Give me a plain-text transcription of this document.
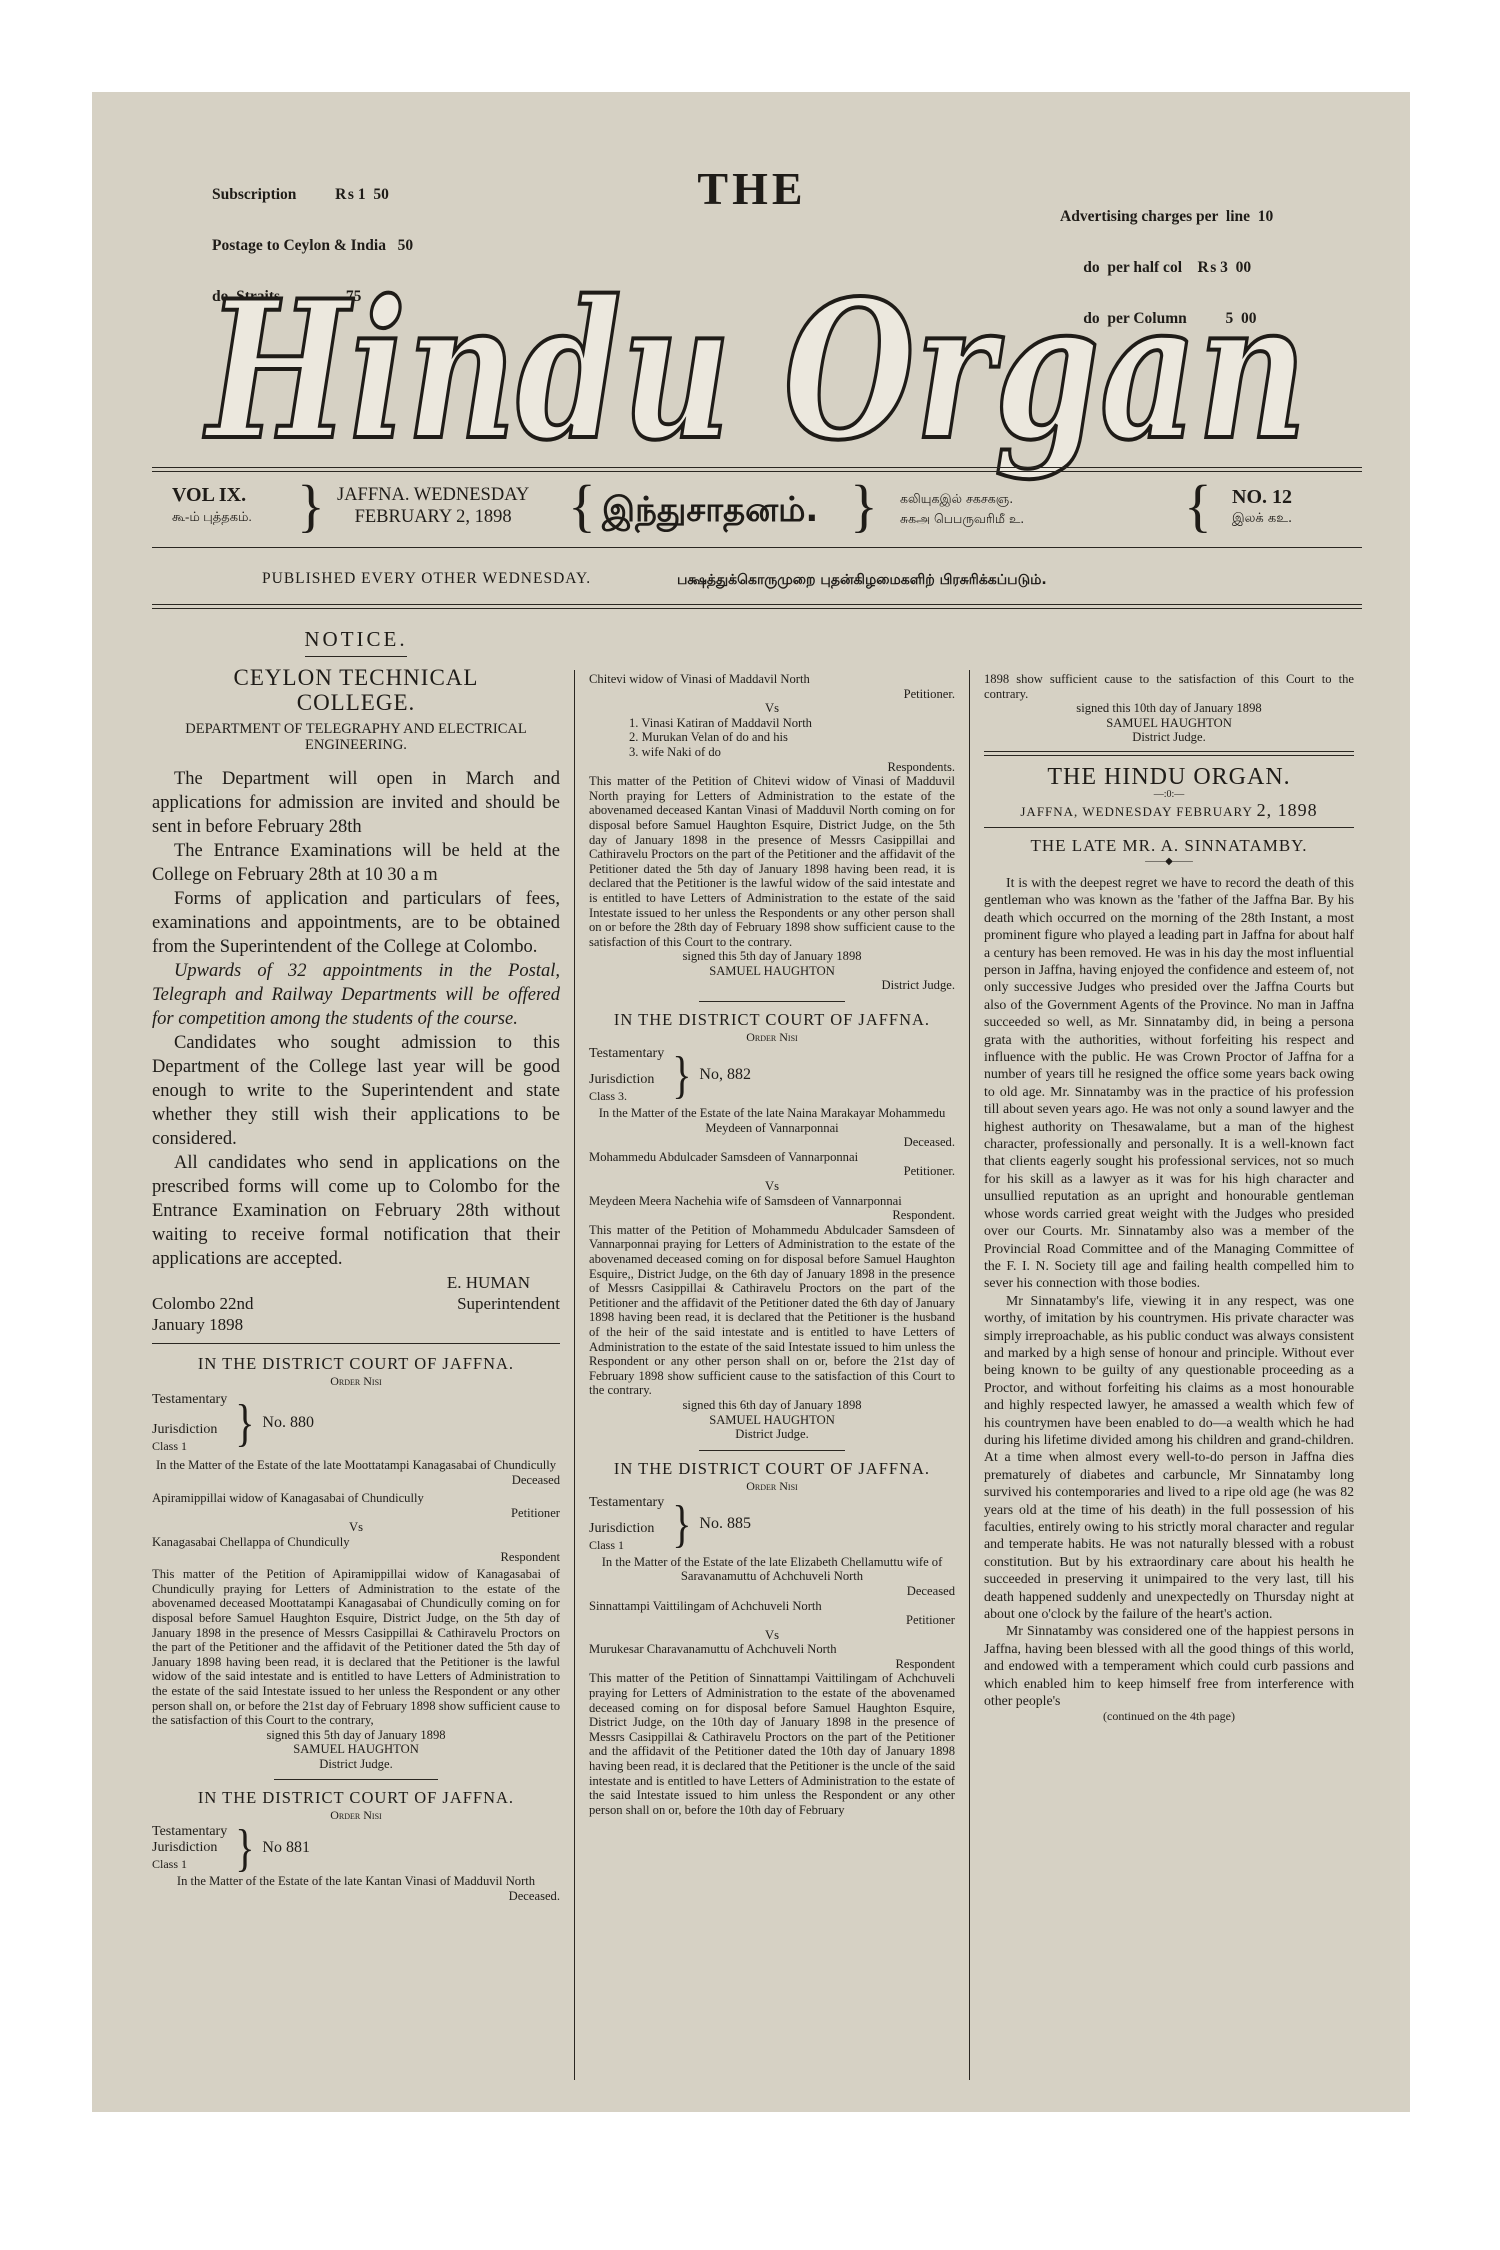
Subscription          ₨ 1  50

Postage to Ceylon & India   50

do  Straits                 75

THE

Advertising charges per  line  10

do  per half col    ₨ 3  00

do  per Column          5  00

Hindu Organ
VOL IX.
கூ-ம் புத்தகம். } JAFFNA. WEDNESDAY
FEBRUARY 2, 1898 { இந்துசாதனம். } கலியுகஇல் சகசகஞ.
சுகஅ பெபருவரிமீ உ.	{ NO. 12
இலக் கஉ.
PUBLISHED EVERY OTHER WEDNESDAY.	பக்ஷத்துக்கொருமுறை புதன்கிழமைகளிற் பிரசுரிக்கப்படும்.
NOTICE.
CEYLON TECHNICAL
COLLEGE.
DEPARTMENT OF TELEGRAPHY AND ELECTRICAL ENGINEERING.

The Department will open in March and applications for admission are invited and should be sent in before February 28th

The Entrance Examinations will be held at the College on February 28th at 10 30 a m

Forms of application and particulars of fees, examinations and appointments, are to be obtained from the Superintendent of the College at Colombo.

Upwards of 32 appointments in the Postal, Telegraph and Railway Departments will be offered for competition among the students of the course.

Candidates who sought admission to this Department of the College last year will be good enough to write to the Superintendent and state whether they still wish their applications to be considered.

All candidates who send in applications on the prescribed forms will come up to Colombo for the Entrance Examination on February 28th without waiting to receive formal notification that their applications are accepted.

E. HUMAN
Colombo 22nd
January 1898
Superintendent
IN THE DISTRICT COURT OF JAFFNA.
Order Nisi
Testamentary
Jurisdiction
Class 1	} No. 880
In the Matter of the Estate of the late Moottatampi Kanagasabai of Chundicully
Deceased
Apiramippillai widow of Kanagasabai of Chundicully
Petitioner
Vs
Kanagasabai Chellappa of Chundicully
Respondent
This matter of the Petition of Apiramippillai widow of Kanagasabai of Chundicully praying for Letters of Administration to the estate of the abovenamed deceased Moottatampi Kanagasabai of Chundicully coming on for disposal before Samuel Haughton Esquire, District Judge, on the 5th day of January 1898 in the presence of Messrs Casippillai & Cathiravelu Proctors on the part of the Petitioner and the affidavit of the Petitioner dated the 5th day of January 1898 having been read, it is declared that the Petitioner is the lawful widow of the said intestate and is entitled to have Letters of Administration to the estate of the said Intestate issued to her unless the Respondent or any other person shall on, or before the 21st day of February 1898 show sufficient cause to the satisfaction of this Court to the contrary,
signed this 5th day of January 1898
SAMUEL HAUGHTON
District Judge.
IN THE DISTRICT COURT OF JAFFNA.
Order Nisi
Testamentary
Jurisdiction
Class 1	} No 881
In the Matter of the Estate of the late Kantan Vinasi of Madduvil North
Deceased.
Chitevi widow of Vinasi of Maddavil North
Petitioner.
Vs
1. Vinasi Katiran of Maddavil North
2. Murukan Velan of do and his
3. wife Naki of do
Respondents.
This matter of the Petition of Chitevi widow of Vinasi of Madduvil North praying for Letters of Administration to the estate of the abovenamed deceased Kantan Vinasi of Madduvil North coming on for disposal before Samuel Haughton Esquire, District Judge, on the 5th day of January 1898 in the presence of Messrs Casippillai and Cathiravelu Proctors on the part of the Petitioner and the affidavit of the Petitioner dated the 5th day of January 1898 having been read, it is declared that the Petitioner is the lawful widow of the said intestate and is entitled to have Letters of Administration to the estate of the said Intestate issued to her unless the Respondents or any other person shall on or before the 28th day of February 1898 show sufficient cause to the satisfaction of this Court to the contrary.
signed this 5th day of January 1898
SAMUEL HAUGHTON
District Judge.
IN THE DISTRICT COURT OF JAFFNA.
Order Nisi
Testamentary
Jurisdiction
Class 3.	} No, 882
In the Matter of the Estate of the late Naina Marakayar Mohammedu Meydeen of Vannarponnai
Deceased.
Mohammedu Abdulcader Samsdeen of Vannarponnai
Petitioner.
Vs
Meydeen Meera Nachehia wife of Samsdeen of Vannarponnai
Respondent.
This matter of the Petition of Mohammedu Abdulcader Samsdeen of Vannarponnai praying for Letters of Administration to the estate of the abovenamed deceased coming on for disposal before Samuel Haughton Esquire,, District Judge, on the 6th day of January 1898 in the presence of Messrs Casippillai & Cathiravelu Proctors on the part of the Petitioner and the affidavit of the Petitioner dated the 6th day of January 1898 having been read, it is declared that the Petitioner is the husband of the heir of the said intestate and is entitled to have Letters of Administration to the estate of the said Intestate issued to him unless the Respondent or any other person shall on or, before the 21st day of February 1898 show sufficient cause to the satisfaction of this Court to the contrary.
signed this 6th day of January 1898
SAMUEL HAUGHTON
District Judge.
IN THE DISTRICT COURT OF JAFFNA.
Order Nisi
Testamentary
Jurisdiction
Class 1	} No. 885
In the Matter of the Estate of the late Elizabeth Chellamuttu wife of Saravanamuttu of Achchuveli North
Deceased
Sinnattampi Vaittilingam of Achchuveli North
Petitioner
Vs
Murukesar Charavanamuttu of Achchuveli North
Respondent
This matter of the Petition of Sinnattampi Vaittilingam of Achchuveli praying for Letters of Administration to the estate of the abovenamed deceased coming on for disposal before Samuel Haughton Esquire, District Judge, on the 10th day of January 1898 in the presence of Messrs Casippillai & Cathiravelu Proctors on the part of the Petitioner and the affidavit of the Petitioner dated the 10th day of January 1898 having been read, it is declared that the Petitioner is the uncle of the said intestate and is entitled to have Letters of Administration to the estate of the said Intestate issued to him unless the Respondent or any other person shall on or, before the 10th day of February
1898 show sufficient cause to the satisfaction of this Court to the contrary.
signed this 10th day of January 1898
SAMUEL HAUGHTON
District Judge.
THE HINDU ORGAN.
—:0:—
JAFFNA, WEDNESDAY FEBRUARY 2, 1898
THE LATE MR. A. SINNATAMBY.
——◆——

It is with the deepest regret we have to record the death of this gentleman who was known as the 'father of the Jaffna Bar. By his death which occurred on the morning of the 28th Instant, a most prominent figure who played a leading part in Jaffna for about half a century has been removed. He was in his day the most influential person in Jaffna, having enjoyed the confidence and esteem of, not only successive Judges who presided over the Jaffna Courts but also of the Government Agents of the Province. No man in Jaffna succeeded so well, as Mr. Sinnatamby did, in being a persona grata with the authorities, without forfeiting his respect and influence with the public. He was Crown Proctor of Jaffna for a number of years till he resigned the office some years back owing to old age. Mr. Sinnatamby was in the practice of his profession till about seven years ago. He was not only a sound lawyer and the highest authority on Thesawalame, but a man of the highest character, professionally and personally. It is a well-known fact that clients eagerly sought his professional services, not so much for his skill as a lawyer as it was for his high character and unsullied reputation as an upright and honourable gentleman whose words carried great weight with the Judges who presided over our Courts. Mr. Sinnatamby also was a member of the Provincial Road Committee and of the Managing Committee of the F. I. N. Society till age and failing health compelled him to sever his connection with those bodies.

Mr Sinnatamby's life, viewing it in any respect, was one worthy, of imitation by his countrymen. His private character was simply irreproachable, as his public conduct was always consistent and marked by a high sense of honour and principle. Without ever being known to be guilty of any questionable proceeding as a Proctor, and without forfeiting his claims as a most honourable and highly respected lawyer, he amassed a wealth which few of his countrymen have been enabled to do—a wealth which he had during his lifetime divided among his children and grand-children. At a time when almost every well-to-do person in Jaffna dies prematurely of diabetes and carbuncle, Mr Sinnatamby long survived his contemporaries and lived to a ripe old age (he was 82 years old at the time of his death) in the full possession of his faculties, entirely owing to his strictly moral character and regular and temperate habits. He was not naturally blessed with a robust constitution. But by his extraordinary care about his health he succeeded in preserving it unimpaired to the very last, till his death happened suddenly and unexpectedly on Thursday night at about one o'clock by the failure of the heart's action.

Mr Sinnatamby was considered one of the happiest persons in Jaffna, having been blessed with all the good things of this world, and endowed with a temperament which could curb passions and which enabled him to keep himself free from interference with other people's

(continued on the 4th page)
